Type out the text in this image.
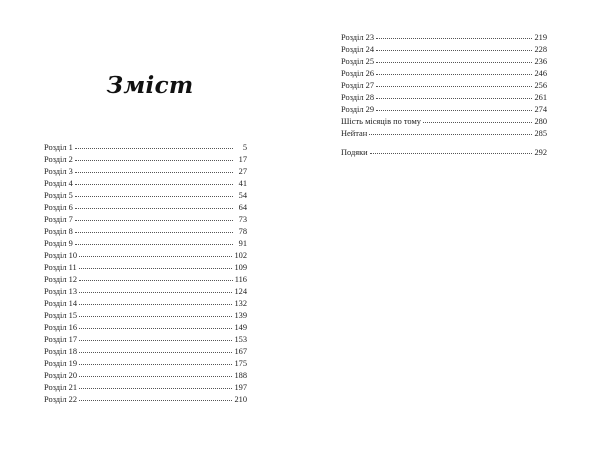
Зміст
Розділ 1	5
Розділ 2	17
Розділ 3	27
Розділ 4	41
Розділ 5	54
Розділ 6	64
Розділ 7	73
Розділ 8	78
Розділ 9	91
Розділ 10	102
Розділ 11	109
Розділ 12	116
Розділ 13	124
Розділ 14	132
Розділ 15	139
Розділ 16	149
Розділ 17	153
Розділ 18	167
Розділ 19	175
Розділ 20	188
Розділ 21	197
Розділ 22	210
Розділ 23	219
Розділ 24	228
Розділ 25	236
Розділ 26	246
Розділ 27	256
Розділ 28	261
Розділ 29	274
Шість місяців по тому	280
Нейтан	285
Подяки	292
